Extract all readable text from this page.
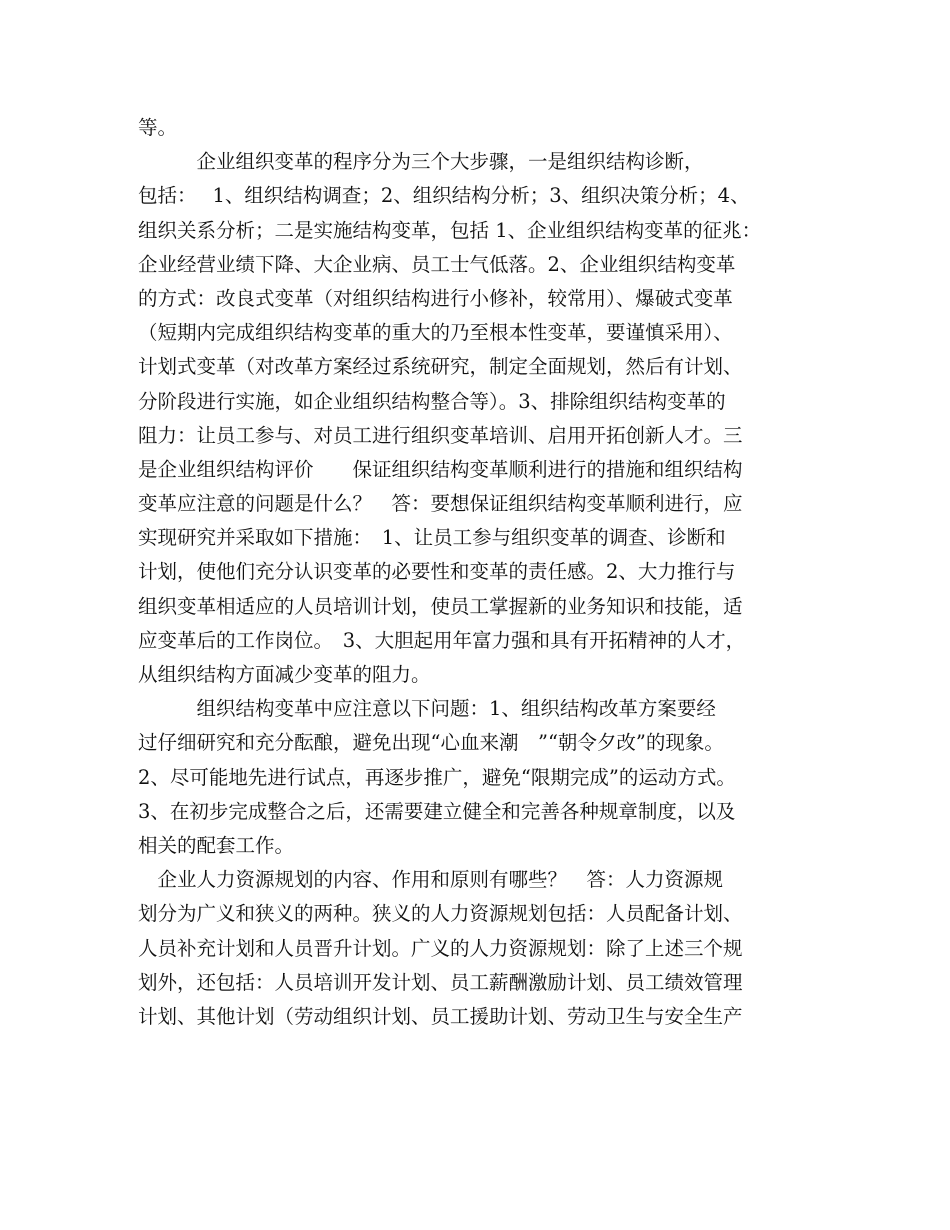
等。
　　　企业组织变革的程序分为三个大步骤，一是组织结构诊断，
包括：　 1、组织结构调查；2、组织结构分析；3、组织决策分析；4、
组织关系分析；二是实施结构变革，包括 1、企业组织结构变革的征兆：
企业经营业绩下降、大企业病、员工士气低落。2、企业组织结构变革
的方式：改良式变革（对组织结构进行小修补，较常用）、爆破式变革
（短期内完成组织结构变革的重大的乃至根本性变革，要谨慎采用）、
计划式变革（对改革方案经过系统研究，制定全面规划，然后有计划、
分阶段进行实施，如企业组织结构整合等）。3、排除组织结构变革的
阻力：让员工参与、对员工进行组织变革培训、启用开拓创新人才。三
是企业组织结构评价　　保证组织结构变革顺利进行的措施和组织结构
变革应注意的问题是什么？　答：要想保证组织结构变革顺利进行，应
实现研究并采取如下措施：　1、让员工参与组织变革的调查、诊断和
计划，使他们充分认识变革的必要性和变革的责任感。2、大力推行与
组织变革相适应的人员培训计划，使员工掌握新的业务知识和技能，适
应变革后的工作岗位。　3、大胆起用年富力强和具有开拓精神的人才，
从组织结构方面减少变革的阻力。
　　　组织结构变革中应注意以下问题：1、组织结构改革方案要经
过仔细研究和充分酝酿，避免出现“心血来潮　”“朝令夕改”的现象。
2、尽可能地先进行试点，再逐步推广，避免“限期完成”的运动方式。
3、在初步完成整合之后，还需要建立健全和完善各种规章制度，以及
相关的配套工作。
　企业人力资源规划的内容、作用和原则有哪些？　答：人力资源规
划分为广义和狭义的两种。狭义的人力资源规划包括：人员配备计划、
人员补充计划和人员晋升计划。广义的人力资源规划：除了上述三个规
划外，还包括：人员培训开发计划、员工薪酬激励计划、员工绩效管理
计划、其他计划（劳动组织计划、员工援助计划、劳动卫生与安全生产
